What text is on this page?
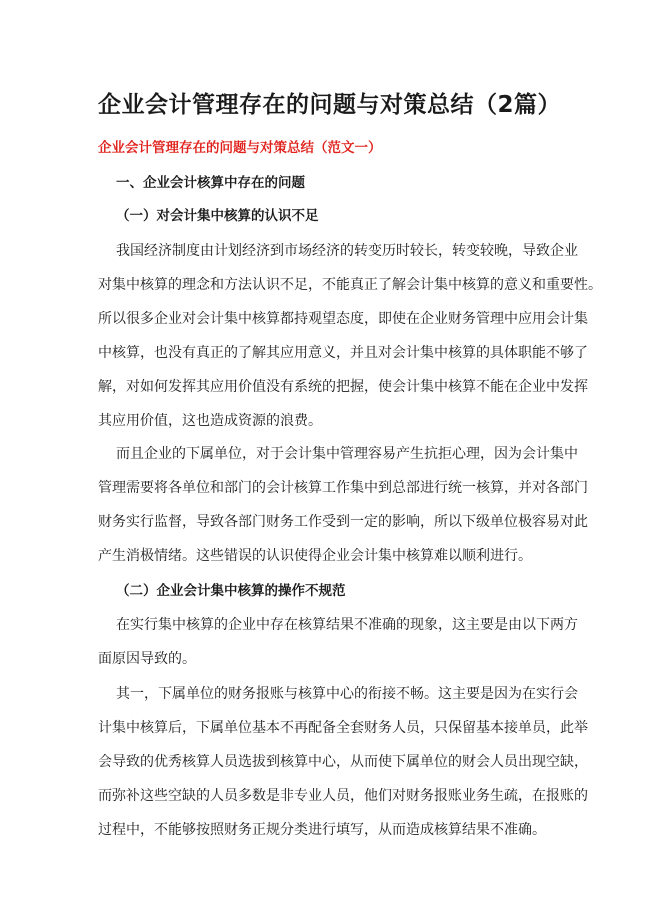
企业会计管理存在的问题与对策总结（2篇）
企业会计管理存在的问题与对策总结（范文一）
一、企业会计核算中存在的问题
（一）对会计集中核算的认识不足
我国经济制度由计划经济到市场经济的转变历时较长，转变较晚，导致企业
对集中核算的理念和方法认识不足，不能真正了解会计集中核算的意义和重要性。
所以很多企业对会计集中核算都持观望态度，即使在企业财务管理中应用会计集
中核算，也没有真正的了解其应用意义，并且对会计集中核算的具体职能不够了
解，对如何发挥其应用价值没有系统的把握，使会计集中核算不能在企业中发挥
其应用价值，这也造成资源的浪费。
而且企业的下属单位，对于会计集中管理容易产生抗拒心理，因为会计集中
管理需要将各单位和部门的会计核算工作集中到总部进行统一核算，并对各部门
财务实行监督，导致各部门财务工作受到一定的影响，所以下级单位极容易对此
产生消极情绪。这些错误的认识使得企业会计集中核算难以顺利进行。
（二）企业会计集中核算的操作不规范
在实行集中核算的企业中存在核算结果不准确的现象，这主要是由以下两方
面原因导致的。
其一，下属单位的财务报账与核算中心的衔接不畅。这主要是因为在实行会
计集中核算后，下属单位基本不再配备全套财务人员，只保留基本接单员，此举
会导致的优秀核算人员选拔到核算中心，从而使下属单位的财会人员出现空缺，
而弥补这些空缺的人员多数是非专业人员，他们对财务报账业务生疏，在报账的
过程中，不能够按照财务正规分类进行填写，从而造成核算结果不准确。
